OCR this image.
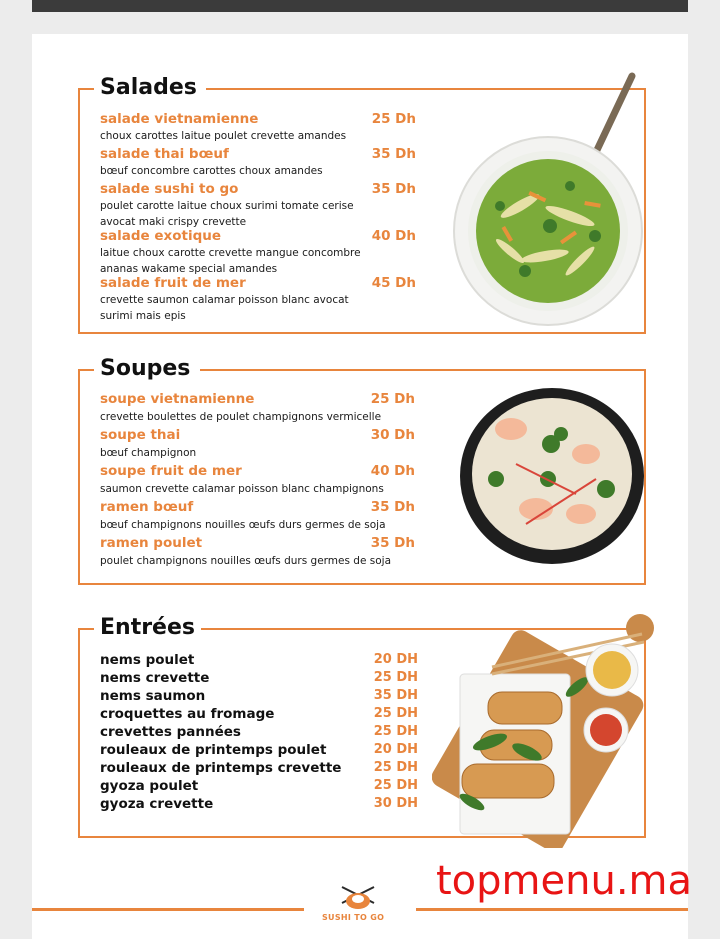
Salades
Soupes
Entrées
SUSHI TO GO
topmenu.ma
salade vietnamienne	25 Dh
choux carottes laitue poulet crevette amandes
salade thai bœuf	35 Dh
bœuf concombre carottes choux amandes
salade sushi to go	35 Dh
poulet carotte laitue choux surimi tomate cerise
avocat maki crispy crevette
salade exotique	40 Dh
laitue choux carotte crevette mangue concombre
ananas wakame special amandes
salade fruit de mer	45 Dh
crevette saumon calamar poisson blanc avocat
surimi mais epis
soupe vietnamienne	25 Dh
crevette boulettes de poulet champignons vermicelle
soupe thai	30 Dh
bœuf champignon
soupe fruit de mer	40 Dh
saumon crevette calamar poisson blanc champignons
ramen bœuf	35 Dh
bœuf champignons nouilles œufs durs germes de soja
ramen poulet	35 Dh
poulet champignons nouilles œufs durs germes de soja
nems poulet	20 DH
nems crevette	25 DH
nems saumon	35 DH
croquettes au fromage	25 DH
crevettes pannées	25 DH
rouleaux de printemps poulet	20 DH
rouleaux de printemps crevette	25 DH
gyoza poulet	25 DH
gyoza crevette	30 DH
